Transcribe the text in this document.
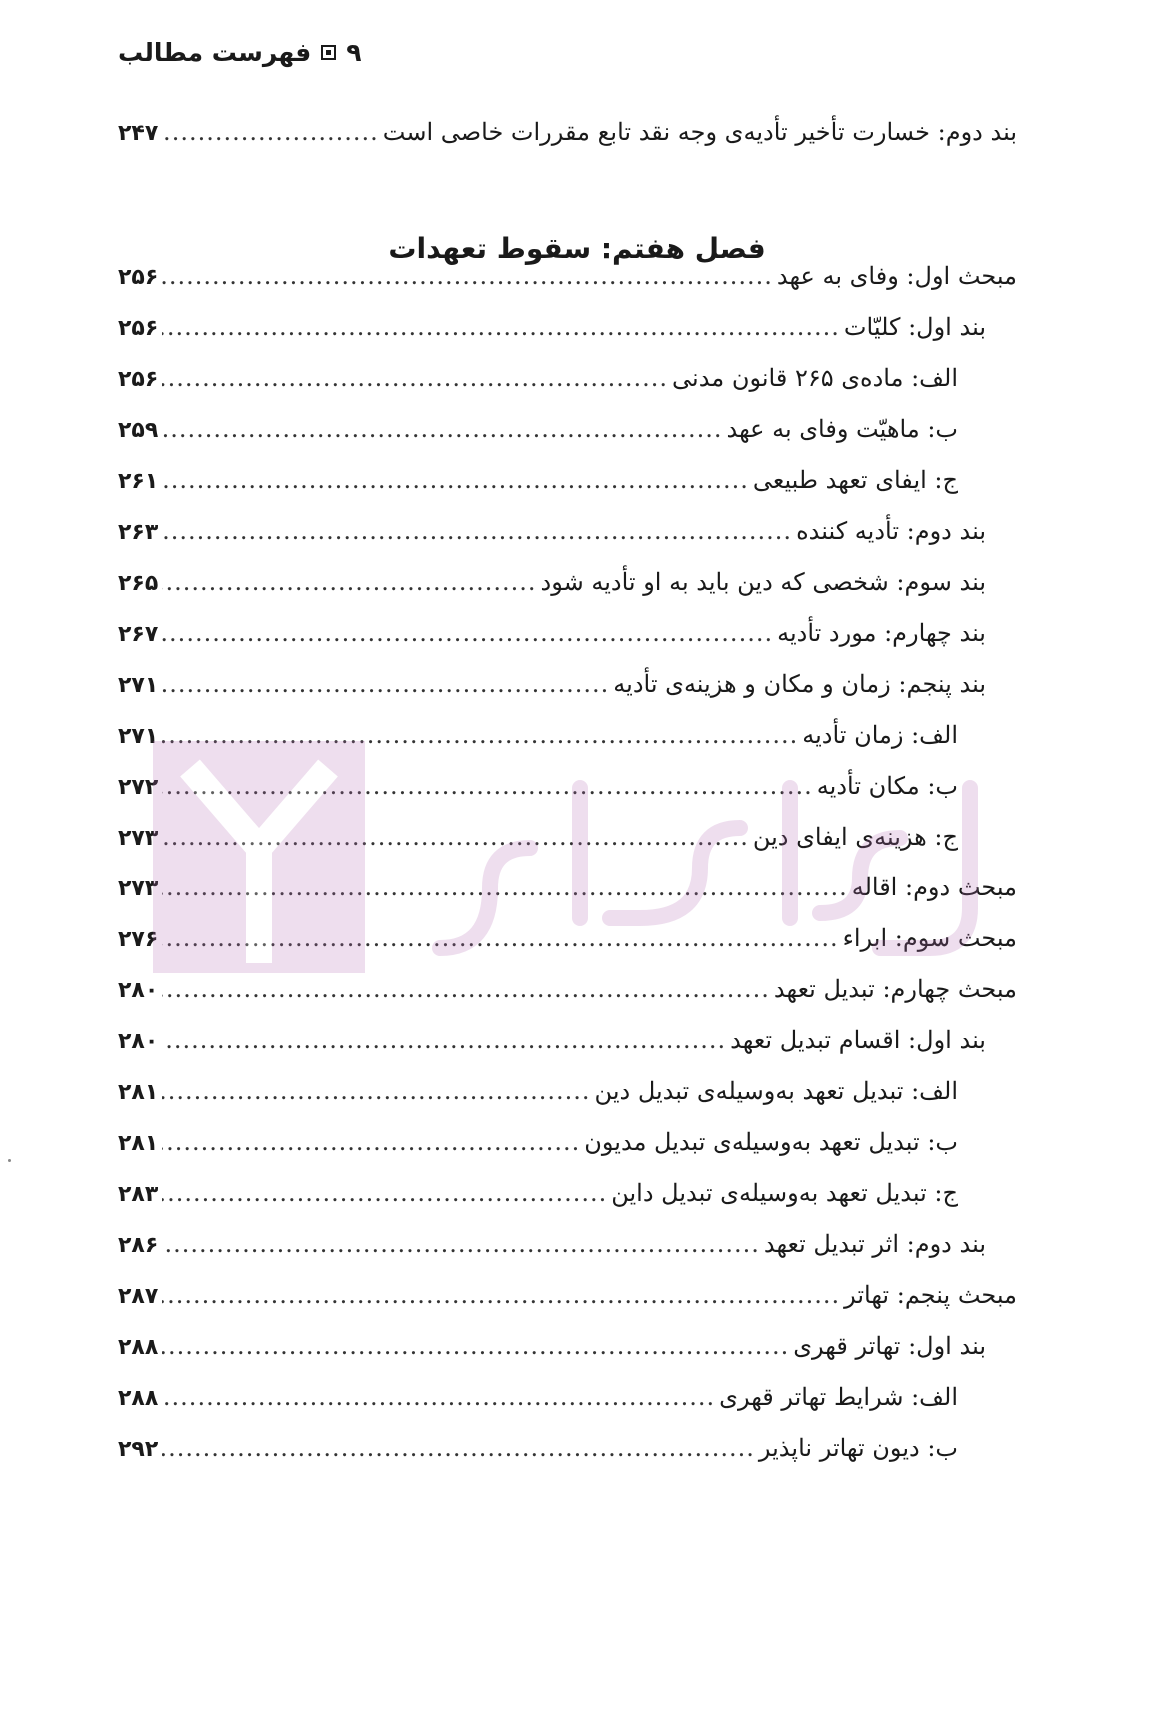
۹
فهرست مطالب
بند دوم: خسارت تأخیر تأدیه‌ی وجه نقد تابع مقررات خاصی است
.....
۲۴۷
فصل هفتم: سقوط تعهدات
مبحث اول: وفای به عهد
.....
۲۵۶
بند اول: کلیّات
.....
۲۵۶
الف: ماده‌ی ۲۶۵ قانون مدنی
.....
۲۵۶
ب: ماهیّت وفای به عهد
.....
۲۵۹
ج: ایفای تعهد طبیعی
.....
۲۶۱
بند دوم: تأدیه کننده
.....
۲۶۳
بند سوم: شخصی که دین باید به او تأدیه شود
.....
۲۶۵
بند چهارم: مورد تأدیه
.....
۲۶۷
بند پنجم: زمان و مکان و هزینه‌ی تأدیه
.....
۲۷۱
الف: زمان تأدیه
.....
۲۷۱
ب: مکان تأدیه
.....
۲۷۲
ج: هزینه‌ی ایفای دین
.....
۲۷۳
مبحث دوم: اقاله
.....
۲۷۳
مبحث سوم: ابراء
.....
۲۷۶
مبحث چهارم: تبدیل تعهد
.....
۲۸۰
بند اول: اقسام تبدیل تعهد
.....
۲۸۰
الف: تبدیل تعهد به‌وسیله‌ی تبدیل دین
.....
۲۸۱
ب: تبدیل تعهد به‌وسیله‌ی تبدیل مدیون
.....
۲۸۱
ج: تبدیل تعهد به‌وسیله‌ی تبدیل داین
.....
۲۸۳
بند دوم: اثر تبدیل تعهد
.....
۲۸۶
مبحث پنجم: تهاتر
.....
۲۸۷
بند اول: تهاتر قهری
.....
۲۸۸
الف: شرایط تهاتر قهری
.....
۲۸۸
ب: دیون تهاتر ناپذیر
.....
۲۹۲
